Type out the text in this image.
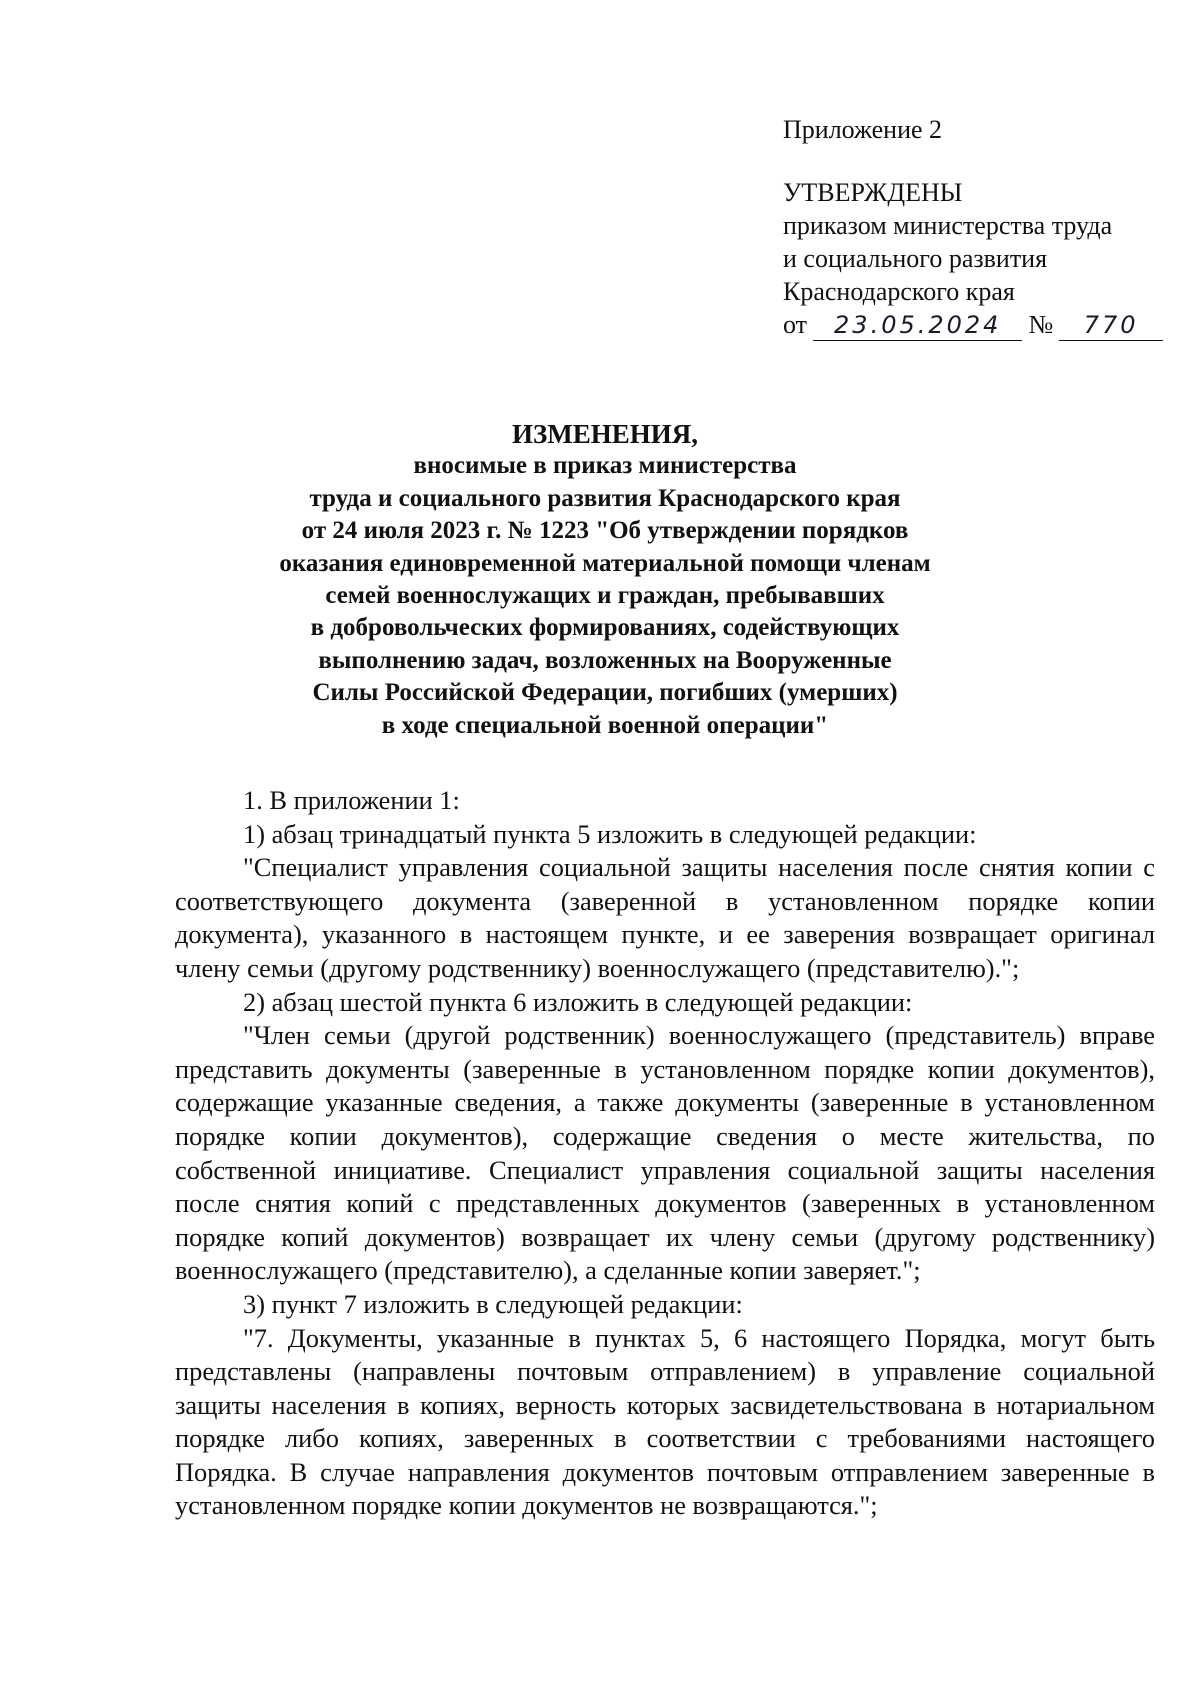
Приложение 2

УТВЕРЖДЕНЫ

приказом министерства труда

и социального развития

Краснодарского края

от	23.05.2024	№	770

ИЗМЕНЕНИЯ,

вносимые в приказ министерства

труда и социального развития Краснодарского края

от 24 июля 2023 г. № 1223 "Об утверждении порядков

оказания единовременной материальной помощи членам

семей военнослужащих и граждан, пребывавших

в добровольческих формированиях, содействующих

выполнению задач, возложенных на Вооруженные

Силы Российской Федерации, погибших (умерших)

в ходе специальной военной операции"

1. В приложении 1:

1) абзац тринадцатый пункта 5 изложить в следующей редакции:

"Специалист управления социальной защиты населения после снятия копии с соответствующего документа (заверенной в установленном порядке копии документа), указанного в настоящем пункте, и ее заверения возвращает оригинал члену семьи (другому родственнику) военнослужащего (представителю).";

2) абзац шестой пункта 6 изложить в следующей редакции:

"Член семьи (другой родственник) военнослужащего (представитель) вправе представить документы (заверенные в установленном порядке копии документов), содержащие указанные сведения, а также документы (заверенные в установленном порядке копии документов), содержащие сведения о месте жительства, по собственной инициативе. Специалист управления социальной защиты населения после снятия копий с представленных документов (заверенных в установленном порядке копий документов) возвращает их члену семьи (другому родственнику) военнослужащего (представителю), а сделанные копии заверяет.";

3) пункт 7 изложить в следующей редакции:

"7. Документы, указанные в пунктах 5, 6 настоящего Порядка, могут быть представлены (направлены почтовым отправлением) в управление социальной защиты населения в копиях, верность которых засвидетельствована в нотариальном порядке либо копиях, заверенных в соответствии с требованиями настоящего Порядка. В случае направления документов почтовым отправлением заверенные в установленном порядке копии документов не возвращаются.";
